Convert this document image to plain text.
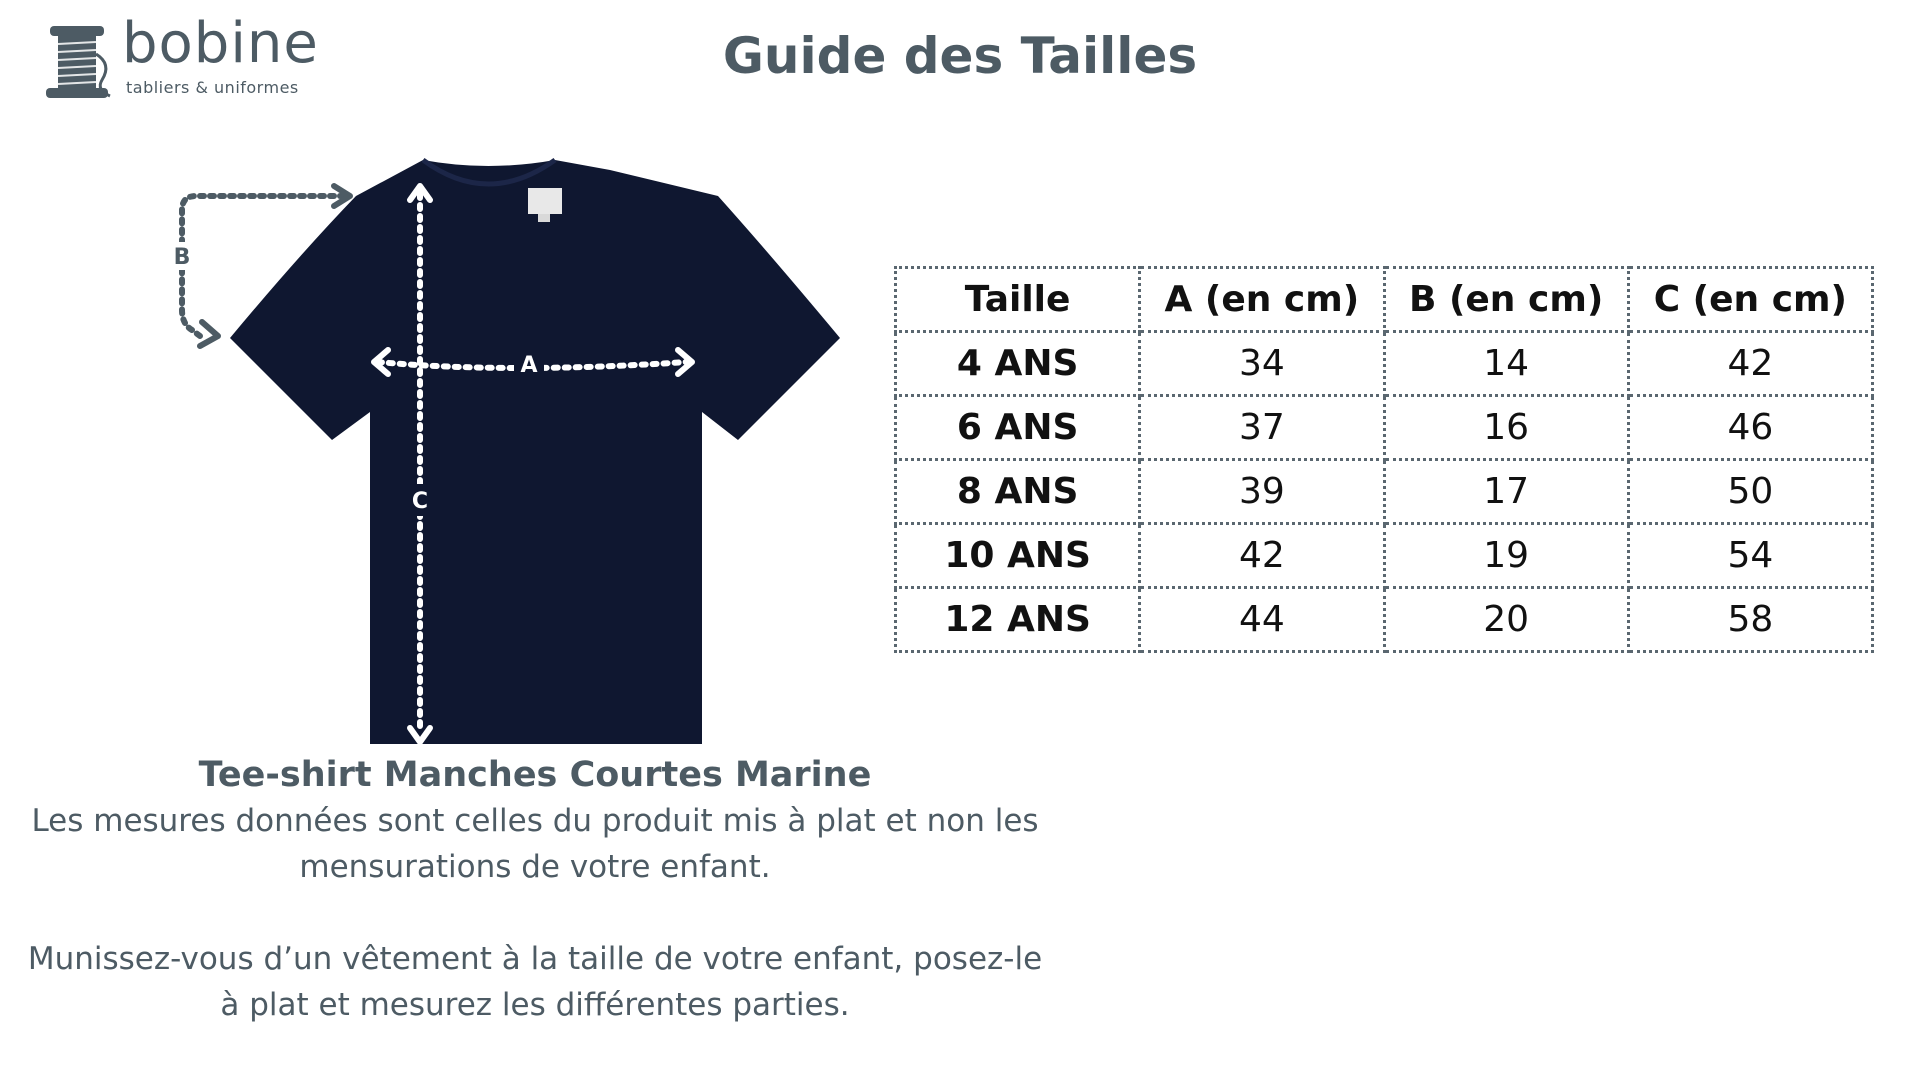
bobine
tabliers & uniformes
Guide des Tailles
B
C
A

Tee-shirt Manches Courtes Marine

Les mesures données sont celles du produit mis à plat et non les mensurations de votre enfant.

Munissez-vous d’un vêtement à la taille de votre enfant, posez-le à plat et mesurez les différentes parties.

Taille	A (en cm)	B (en cm)	C (en cm)
4 ANS	34	14	42
6 ANS	37	16	46
8 ANS	39	17	50
10 ANS	42	19	54
12 ANS	44	20	58
